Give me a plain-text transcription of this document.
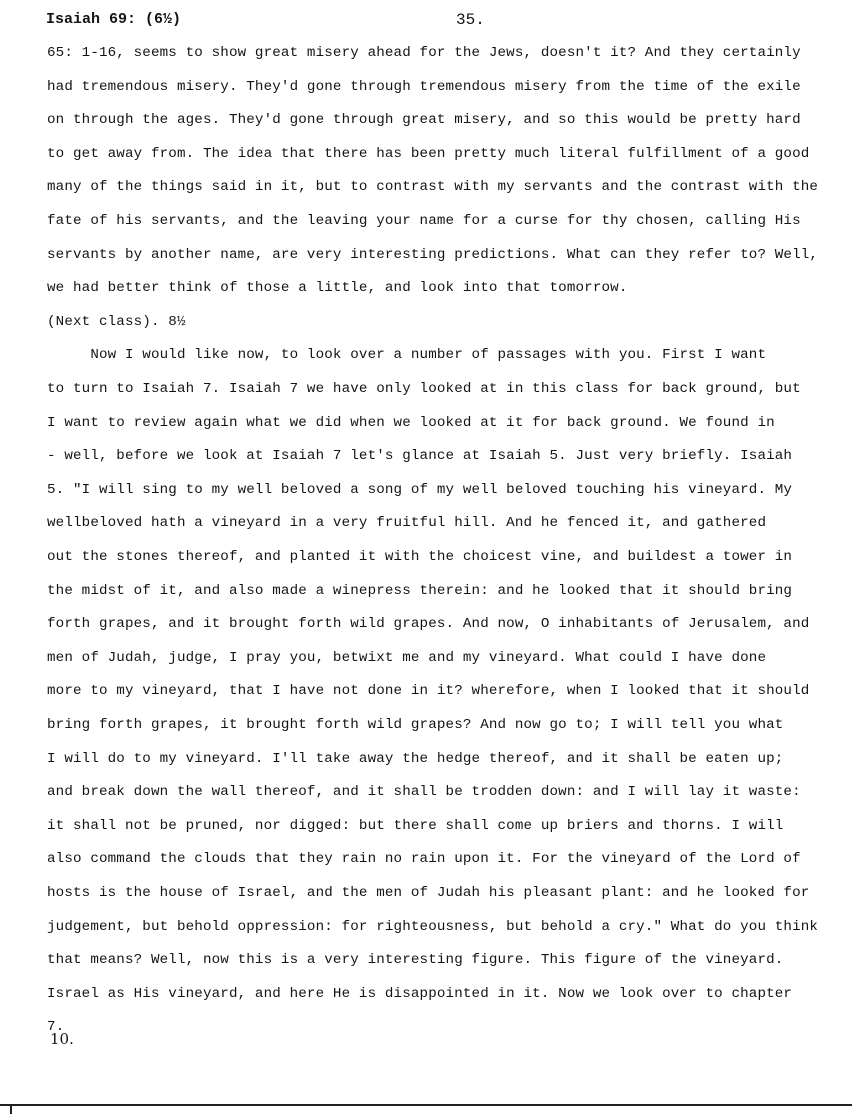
Isaiah 69: (6½)	35.
65: 1-16, seems to show great misery ahead for the Jews, doesn't it? And they certainly
had tremendous misery. They'd gone through tremendous misery from the time of the exile
on through the ages. They'd gone through great misery, and so this would be pretty hard
to get away from. The idea that there has been pretty much literal fulfillment of a good
many of the things said in it, but to contrast with my servants and the contrast with the
fate of his servants, and the leaving your name for a curse for thy chosen, calling His
servants by another name, are very interesting predictions. What can they refer to? Well,
we had better think of those a little, and look into that tomorrow.
(Next class). 8½
Now I would like now, to look over a number of passages with you. First I want
to turn to Isaiah 7. Isaiah 7 we have only looked at in this class for back ground, but
I want to review again what we did when we looked at it for back ground. We found in
- well, before we look at Isaiah 7 let's glance at Isaiah 5. Just very briefly. Isaiah
5. "I will sing to my well beloved a song of my well beloved touching his vineyard. My
wellbeloved hath a vineyard in a very fruitful hill. And he fenced it, and gathered
out the stones thereof, and planted it with the choicest vine, and buildest a tower in
the midst of it, and also made a winepress therein: and he looked that it should bring
forth grapes, and it brought forth wild grapes. And now, O inhabitants of Jerusalem, and
men of Judah, judge, I pray you, betwixt me and my vineyard. What could I have done
more to my vineyard, that I have not done in it? wherefore, when I looked that it should
bring forth grapes, it brought forth wild grapes? And now go to; I will tell you what
I will do to my vineyard. I'll take away the hedge thereof, and it shall be eaten up;
and break down the wall thereof, and it shall be trodden down: and I will lay it waste:
it shall not be pruned, nor digged: but there shall come up briers and thorns. I will
also command the clouds that they rain no rain upon it. For the vineyard of the Lord of
hosts is the house of Israel, and the men of Judah his pleasant plant: and he looked for
judgement, but behold oppression: for righteousness, but behold a cry." What do you think
that means? Well, now this is a very interesting figure. This figure of the vineyard.
Israel as His vineyard, and here He is disappointed in it. Now we look over to chapter
7.
10.
